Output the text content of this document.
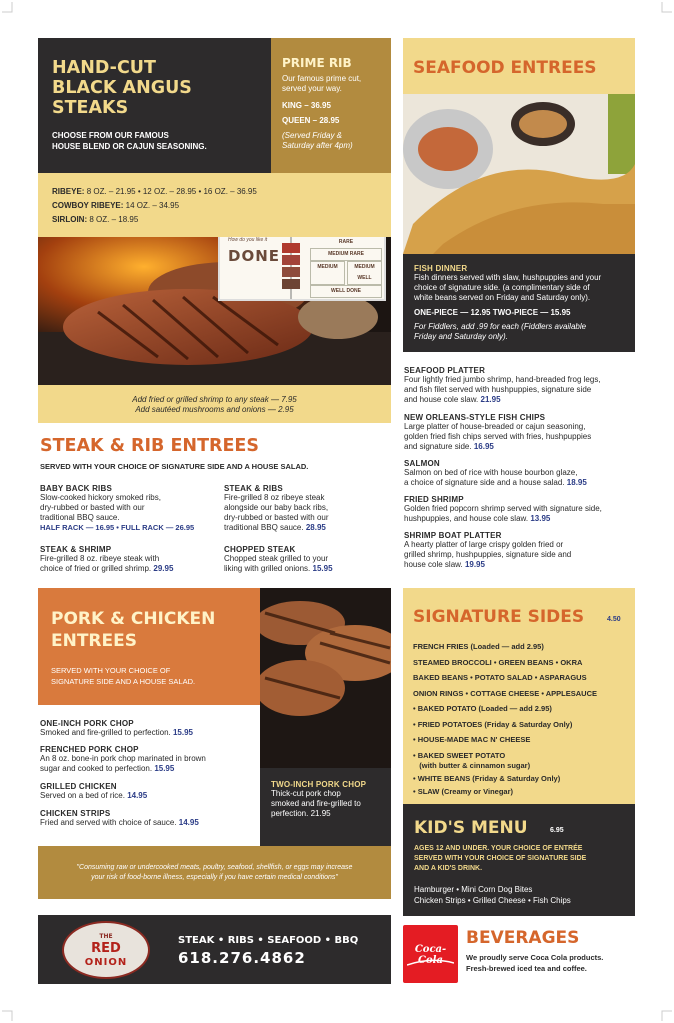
HAND-CUT
BLACK ANGUS
STEAKS
CHOOSE FROM OUR FAMOUS
HOUSE BLEND OR CAJUN SEASONING.
PRIME RIB
Our famous prime cut,
served your way.
KING – 36.95
QUEEN – 28.95
(Served Friday &
Saturday after 4pm)
RIBEYE: 8 OZ. – 21.95 • 12 OZ. – 28.95 • 16 OZ. – 36.95
COWBOY RIBEYE: 14 OZ. – 34.95
SIRLOIN: 8 OZ. – 18.95
How do you like it
DONE
RARE
MEDIUM RARE
MEDIUM	MEDIUM WELL
WELL DONE
Add fried or grilled shrimp to any steak — 7.95
Add sautéed mushrooms and onions — 2.95
STEAK & RIB ENTREES
SERVED WITH YOUR CHOICE OF SIGNATURE SIDE AND A HOUSE SALAD.
BABY BACK RIBS
Slow-cooked hickory smoked ribs,
dry-rubbed or basted with our
traditional BBQ sauce.
HALF RACK — 16.95 • FULL RACK — 26.95
STEAK & SHRIMP
Fire-grilled 8 oz. ribeye steak with
choice of fried or grilled shrimp. 29.95
STEAK & RIBS
Fire-grilled 8 oz ribeye steak
alongside our baby back ribs,
dry-rubbed or basted with our
traditional BBQ sauce. 28.95
CHOPPED STEAK
Chopped steak grilled to your
liking with grilled onions. 15.95
PORK & CHICKEN
ENTREES
SERVED WITH YOUR CHOICE OF
SIGNATURE SIDE AND A HOUSE SALAD.
TWO-INCH PORK CHOP
Thick-cut pork chop
smoked and fire-grilled to
perfection. 21.95
ONE-INCH PORK CHOP
Smoked and fire-grilled to perfection. 15.95
FRENCHED PORK CHOP
An 8 oz. bone-in pork chop marinated in brown
sugar and cooked to perfection. 15.95
GRILLED CHICKEN
Served on a bed of rice. 14.95
CHICKEN STRIPS
Fried and served with choice of sauce. 14.95
"Consuming raw or undercooked meats, poultry, seafood, shellfish, or eggs may increase
your risk of food-borne illness, especially if you have certain medical conditions"
THE
RED
ONION
STEAK • RIBS • SEAFOOD • BBQ
618.276.4862
SEAFOOD ENTREES
FISH DINNER
Fish dinners served with slaw, hushpuppies and your
choice of signature side. (a complimentary side of
white beans served on Friday and Saturday only).
ONE-PIECE — 12.95 TWO-PIECE — 15.95
For Fiddlers, add .99 for each (Fiddlers available
Friday and Saturday only).
SEAFOOD PLATTER
Four lightly fried jumbo shrimp, hand-breaded frog legs,
and fish filet served with hushpuppies, signature side
and house cole slaw. 21.95
NEW ORLEANS-STYLE FISH CHIPS
Large platter of house-breaded or cajun seasoning,
golden fried fish chips served with fries, hushpuppies
and signature side. 16.95
SALMON
Salmon on bed of rice with house bourbon glaze,
a choice of signature side and a house salad. 18.95
FRIED SHRIMP
Golden fried popcorn shrimp served with signature side,
hushpuppies, and house cole slaw. 13.95
SHRIMP BOAT PLATTER
A hearty platter of large crispy golden fried or
grilled shrimp, hushpuppies, signature side and
house cole slaw. 19.95
SIGNATURE SIDES	4.50
FRENCH FRIES (Loaded — add 2.95)
STEAMED BROCCOLI • GREEN BEANS • OKRA
BAKED BEANS • POTATO SALAD • ASPARAGUS
ONION RINGS • COTTAGE CHEESE • APPLESAUCE
• BAKED POTATO (Loaded — add 2.95)
• FRIED POTATOES (Friday & Saturday Only)
• HOUSE-MADE MAC N' CHEESE
• BAKED SWEET POTATO
(with butter & cinnamon sugar)
• WHITE BEANS (Friday & Saturday Only)
• SLAW (Creamy or Vinegar)
KID'S MENU	6.95
AGES 12 AND UNDER. YOUR CHOICE OF ENTRÉE
SERVED WITH YOUR CHOICE OF SIGNATURE SIDE
AND A KID'S DRINK.
Hamburger • Mini Corn Dog Bites
Chicken Strips • Grilled Cheese • Fish Chips
Coca-Cola
BEVERAGES
We proudly serve Coca Cola products.
Fresh-brewed iced tea and coffee.
